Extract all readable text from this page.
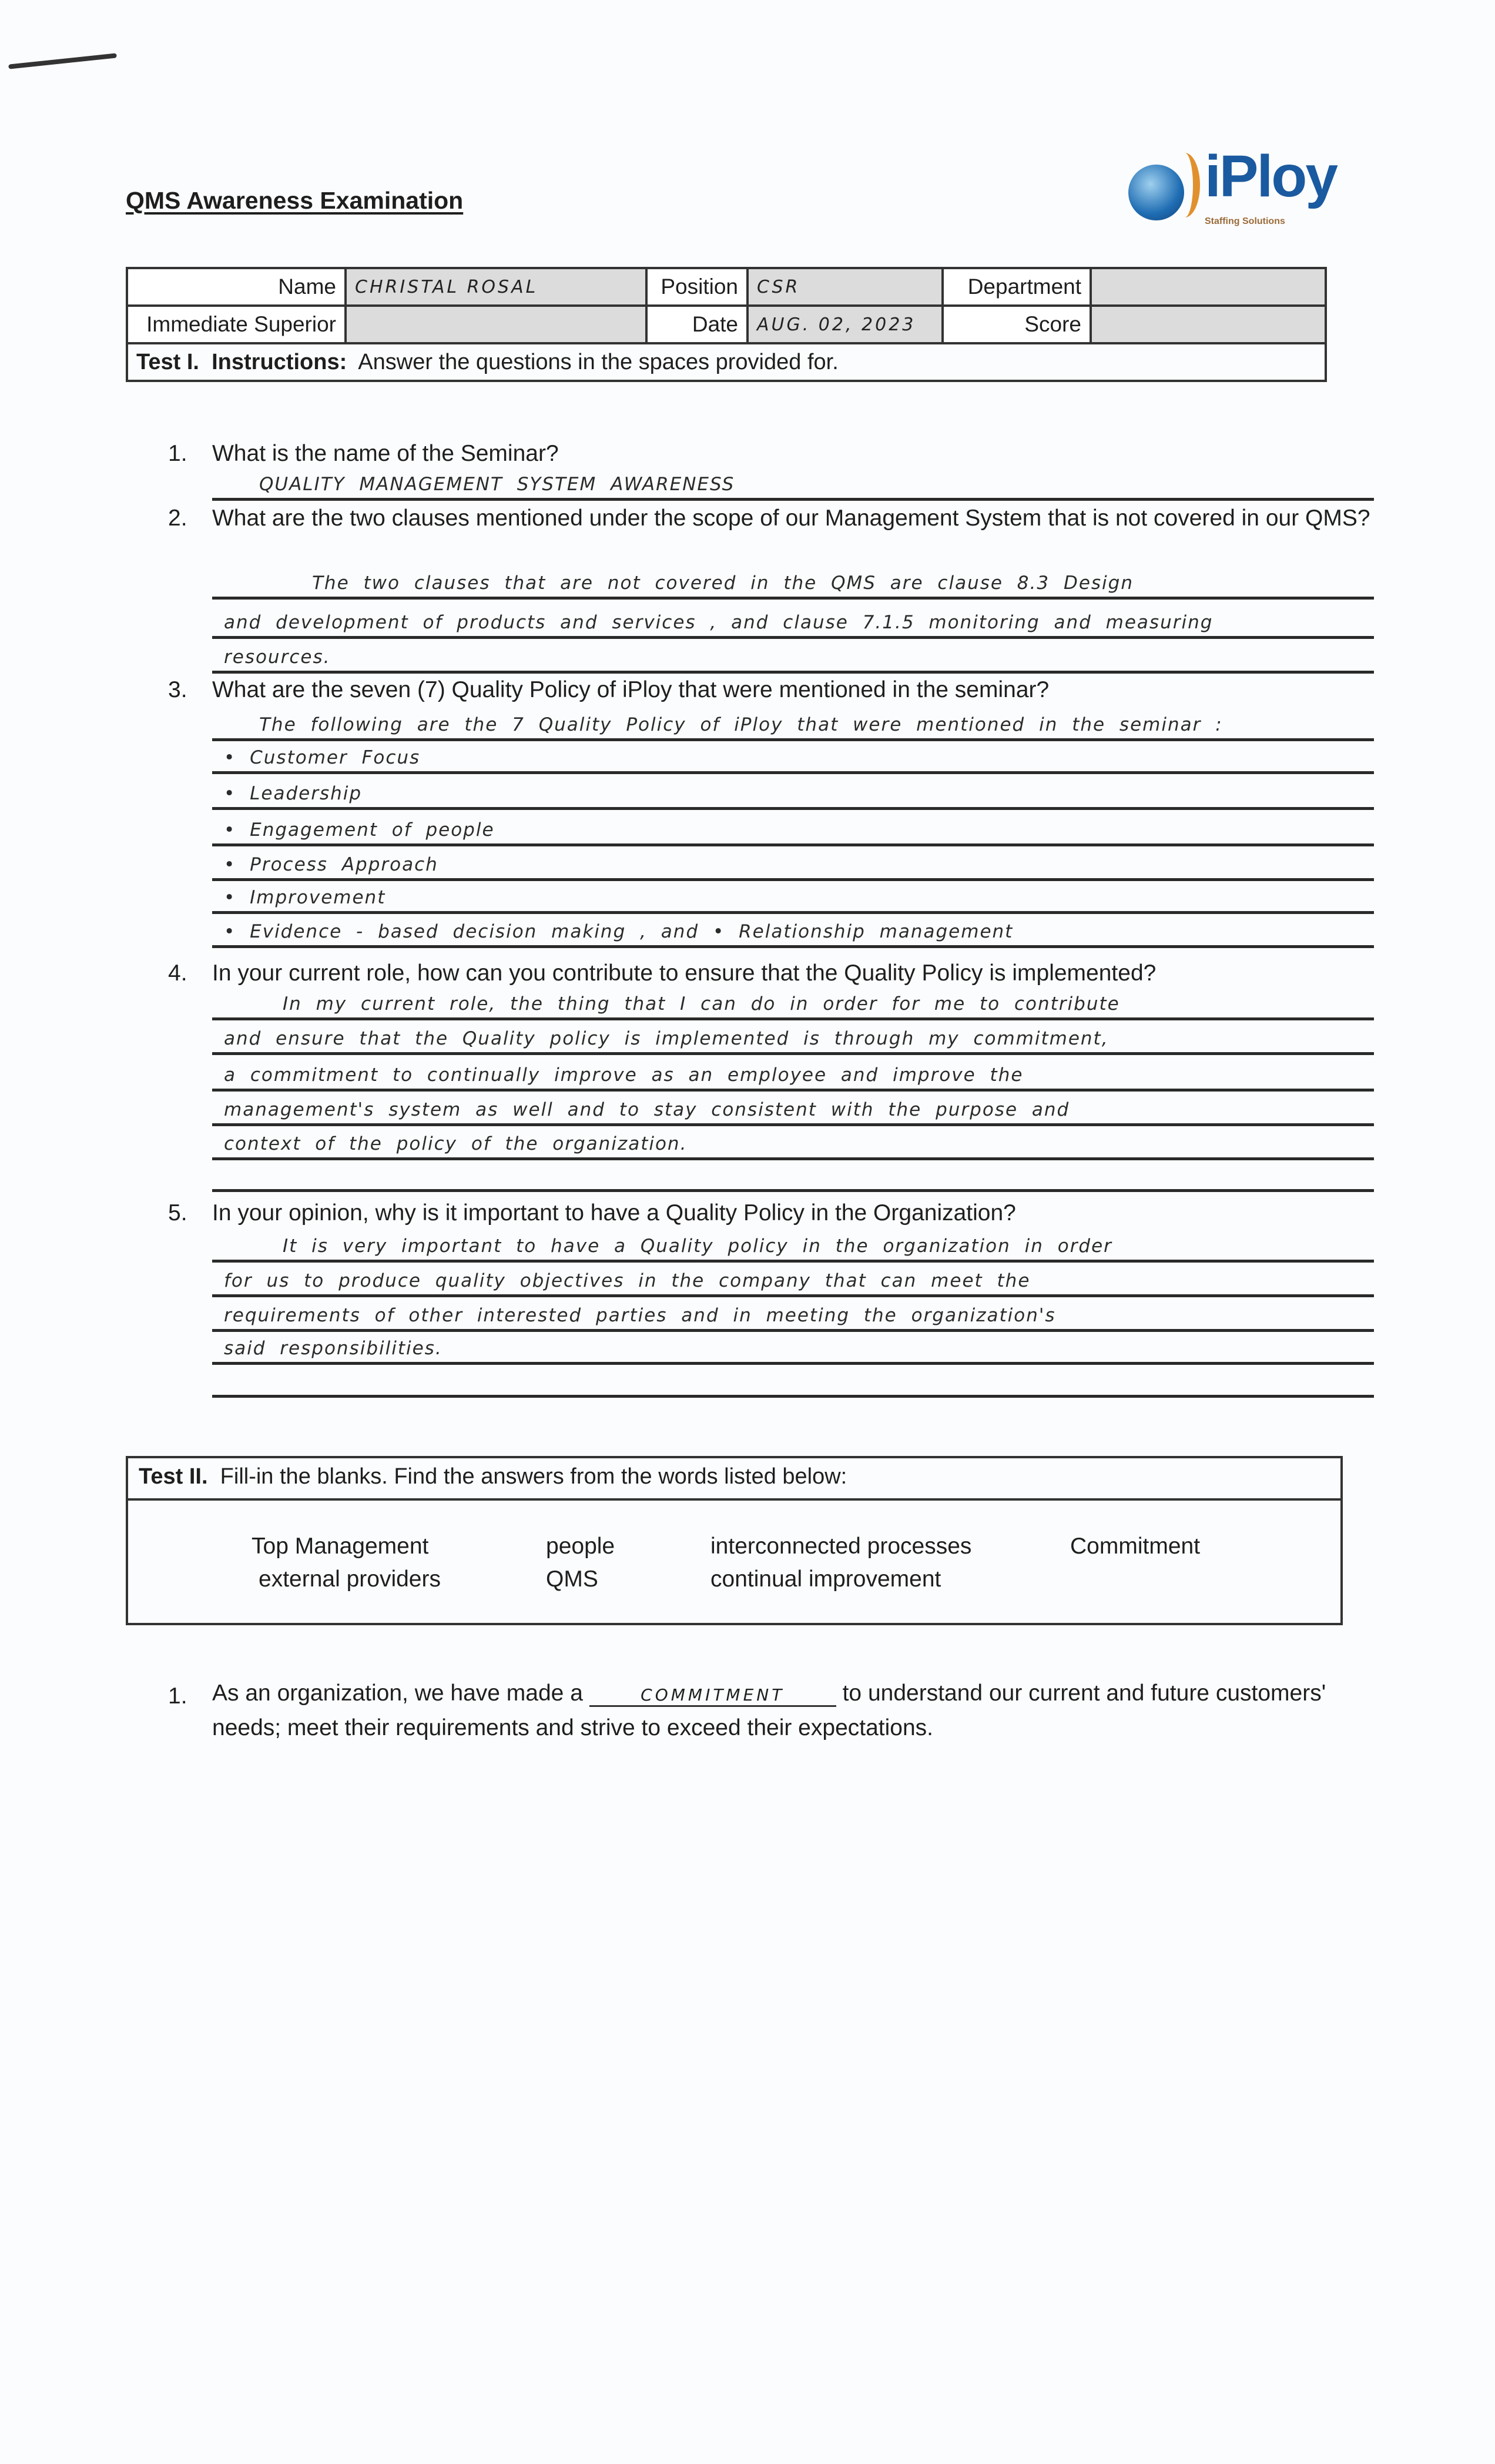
QMS Awareness Examination	iPloy
Staffing Solutions
Name	CHRISTAL ROSAL	Position	CSR	Department	
Immediate Superior		Date	AUG. 02, 2023	Score	
Test I. Instructions: Answer the questions in the spaces provided for.					
1. What is the name of the Seminar?
QUALITY MANAGEMENT SYSTEM AWARENESS
2. What are the two clauses mentioned under the scope of our Management System that is not covered in our QMS?
The two clauses that are not covered in the QMS are clause 8.3 Design
and development of products and services , and clause 7.1.5 monitoring and measuring
resources.
3. What are the seven (7) Quality Policy of iPloy that were mentioned in the seminar?
The following are the 7 Quality Policy of iPloy that were mentioned in the seminar :
• Customer Focus
• Leadership
• Engagement of people
• Process Approach
• Improvement
• Evidence - based decision making , and • Relationship management
4. In your current role, how can you contribute to ensure that the Quality Policy is implemented?
In my current role, the thing that I can do in order for me to contribute
and ensure that the Quality policy is implemented is through my commitment,
a commitment to continually improve as an employee and improve the
management's system as well and to stay consistent with the purpose and
context of the policy of the organization.
5. In your opinion, why is it important to have a Quality Policy in the Organization?
It is very important to have a Quality policy in the organization in order
for us to produce quality objectives in the company that can meet the
requirements of other interested parties and in meeting the organization's
said responsibilities.
Test II. Fill-in the blanks. Find the answers from the words listed below:
Top Management	people	interconnected processes	Commitment
external providers	QMS	continual improvement
1. As an organization, we have made a	COMMITMENT	to understand our current and future customers'
needs; meet their requirements and strive to exceed their expectations.
